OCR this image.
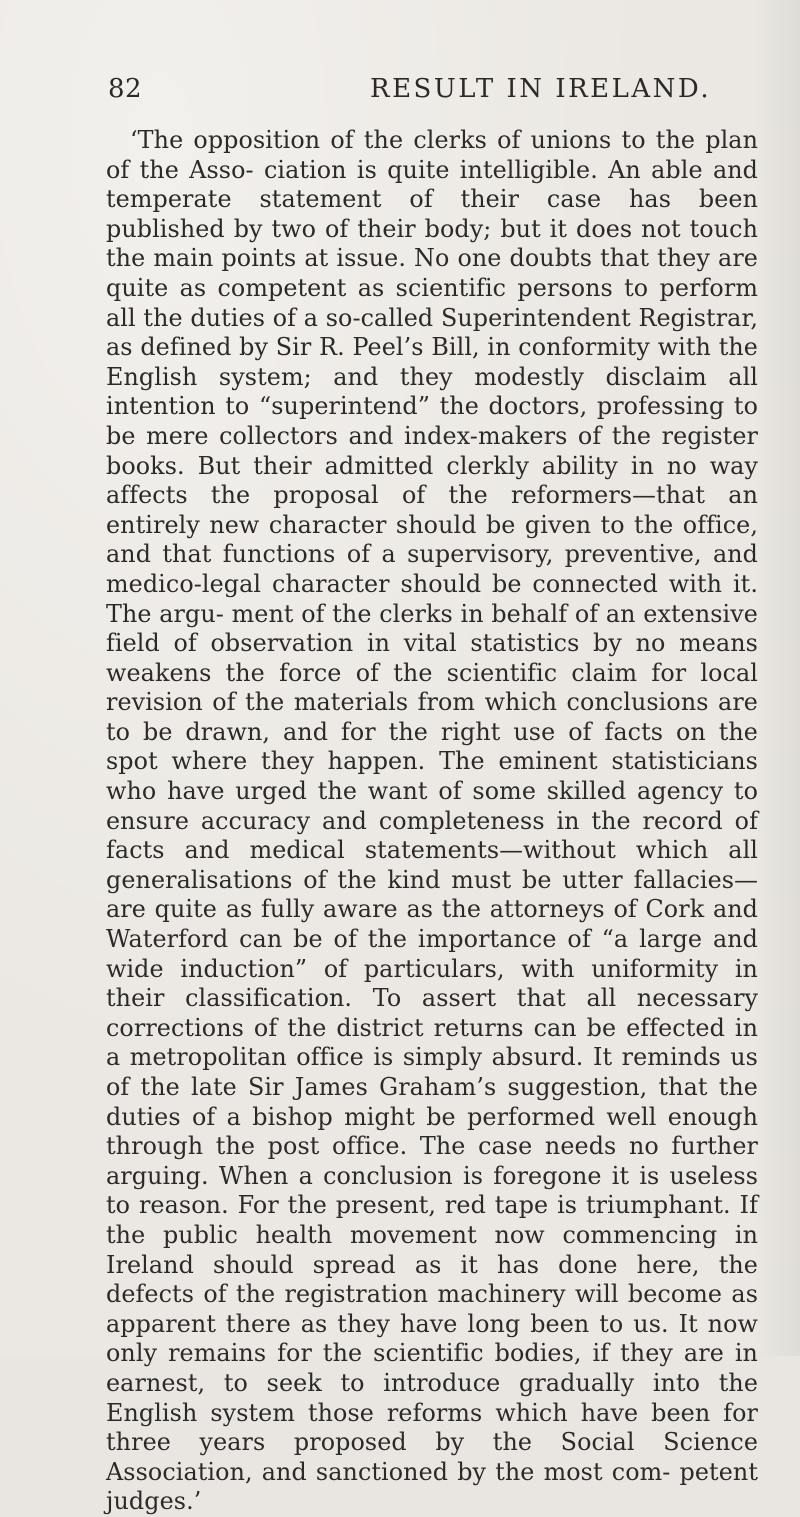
82	RESULT IN IRELAND.

‘The opposition of the clerks of unions to the plan of the Asso- ciation is quite intelligible. An able and temperate statement of their case has been published by two of their body; but it does not touch the main points at issue. No one doubts that they are quite as competent as scientific persons to perform all the duties of a so-called Superintendent Registrar, as defined by Sir R. Peel’s Bill, in conformity with the English system; and they modestly disclaim all intention to “superintend” the doctors, professing to be mere collectors and index-makers of the register books. But their admitted clerkly ability in no way affects the proposal of the reformers—that an entirely new character should be given to the office, and that functions of a supervisory, preventive, and medico-legal character should be connected with it. The argu- ment of the clerks in behalf of an extensive field of observation in vital statistics by no means weakens the force of the scientific claim for local revision of the materials from which conclusions are to be drawn, and for the right use of facts on the spot where they happen. The eminent statisticians who have urged the want of some skilled agency to ensure accuracy and completeness in the record of facts and medical statements—without which all generalisations of the kind must be utter fallacies—are quite as fully aware as the attorneys of Cork and Waterford can be of the importance of “a large and wide induction” of particulars, with uniformity in their classification. To assert that all necessary corrections of the district returns can be effected in a metropolitan office is simply absurd. It reminds us of the late Sir James Graham’s suggestion, that the duties of a bishop might be performed well enough through the post office. The case needs no further arguing. When a conclusion is foregone it is useless to reason. For the present, red tape is triumphant. If the public health movement now commencing in Ireland should spread as it has done here, the defects of the registration machinery will become as apparent there as they have long been to us. It now only remains for the scientific bodies, if they are in earnest, to seek to introduce gradually into the English system those reforms which have been for three years proposed by the Social Science Association, and sanctioned by the most com- petent judges.’
